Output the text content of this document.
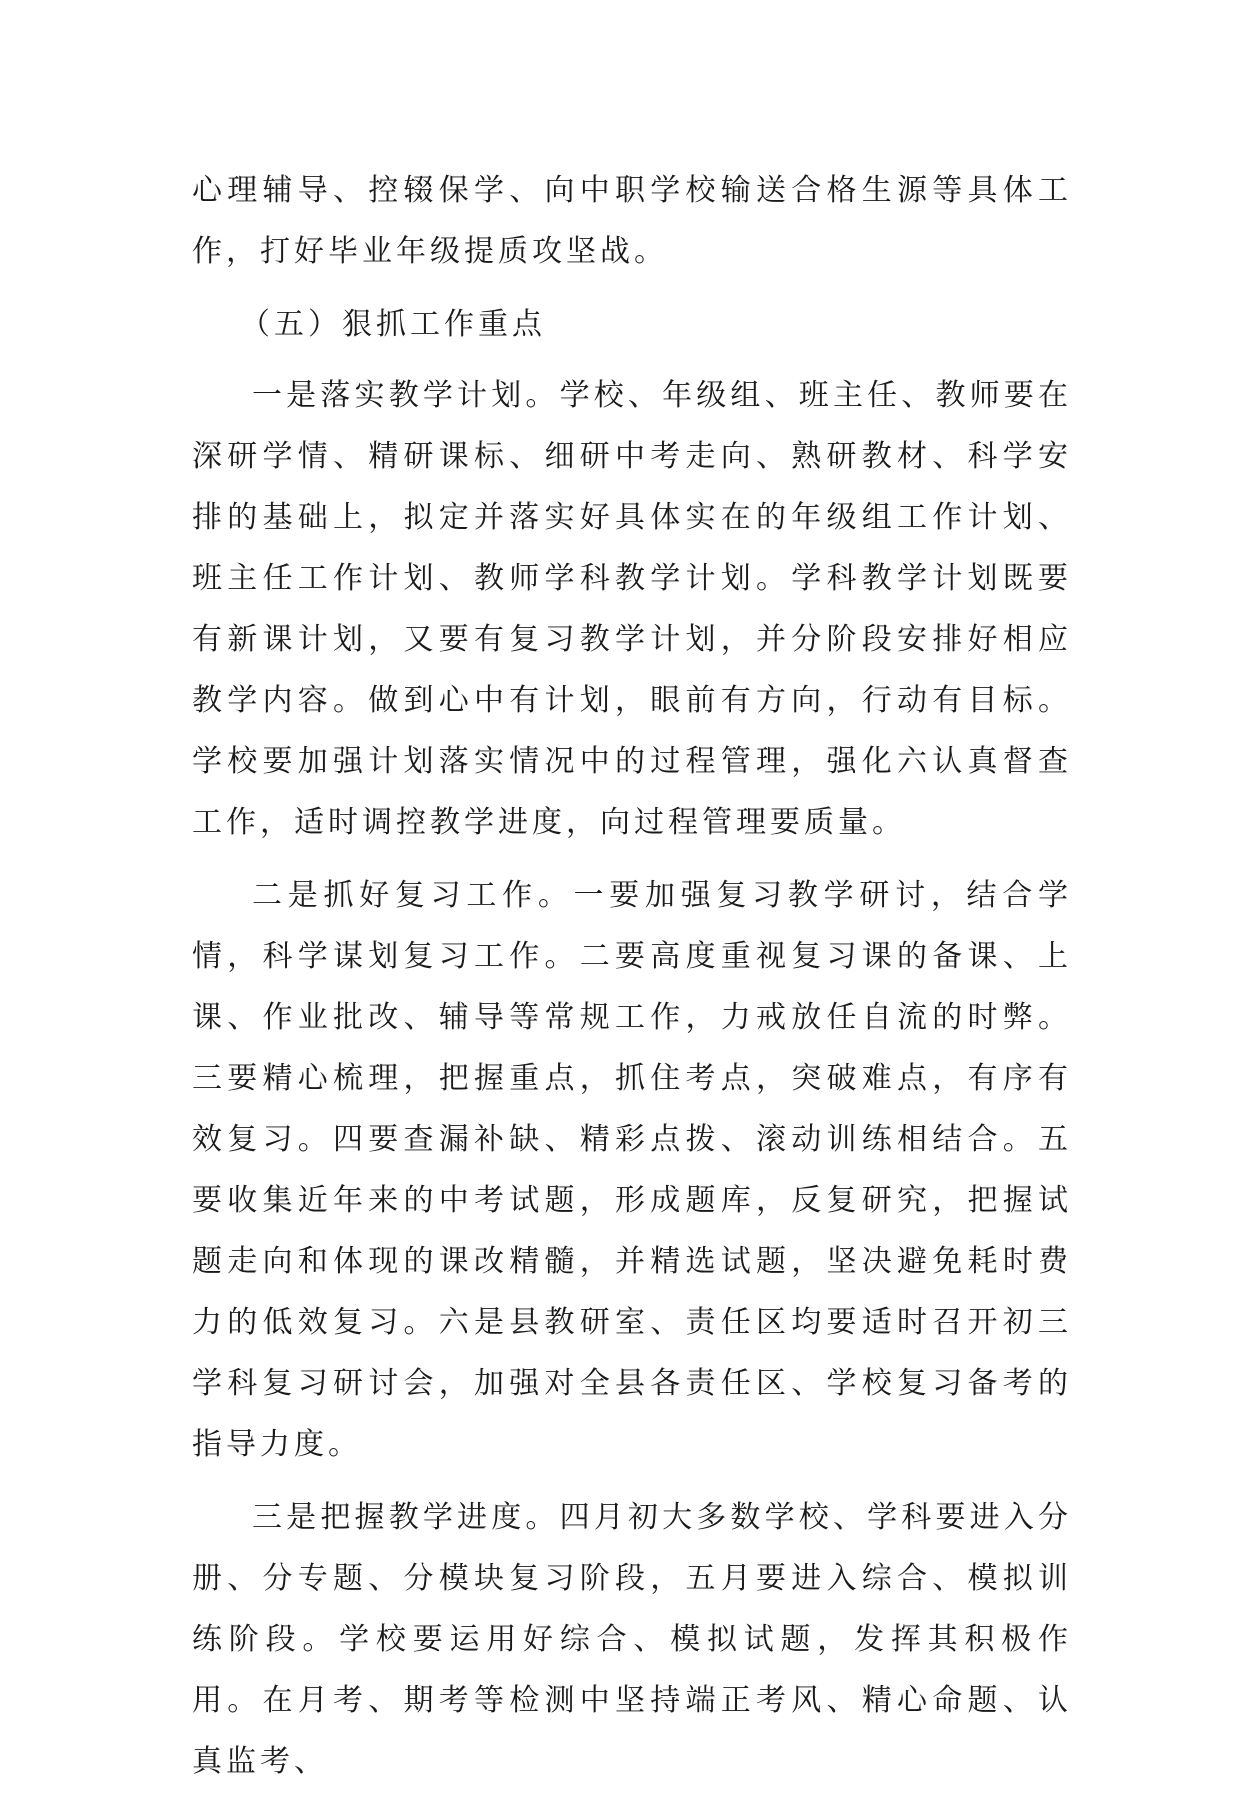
心理辅导、控辍保学、向中职学校输送合格生源等具体工作，打好毕业年级提质攻坚战。

（五）狠抓工作重点

一是落实教学计划。学校、年级组、班主任、教师要在深研学情、精研课标、细研中考走向、熟研教材、科学安排的基础上，拟定并落实好具体实在的年级组工作计划、班主任工作计划、教师学科教学计划。学科教学计划既要有新课计划，又要有复习教学计划，并分阶段安排好相应教学内容。做到心中有计划，眼前有方向，行动有目标。学校要加强计划落实情况中的过程管理，强化六认真督查工作，适时调控教学进度，向过程管理要质量。

二是抓好复习工作。一要加强复习教学研讨，结合学情，科学谋划复习工作。二要高度重视复习课的备课、上课、作业批改、辅导等常规工作，力戒放任自流的时弊。三要精心梳理，把握重点，抓住考点，突破难点，有序有效复习。四要查漏补缺、精彩点拨、滚动训练相结合。五要收集近年来的中考试题，形成题库，反复研究，把握试题走向和体现的课改精髓，并精选试题，坚决避免耗时费力的低效复习。六是县教研室、责任区均要适时召开初三学科复习研讨会，加强对全县各责任区、学校复习备考的指导力度。

三是把握教学进度。四月初大多数学校、学科要进入分册、分专题、分模块复习阶段，五月要进入综合、模拟训练阶段。学校要运用好综合、模拟试题，发挥其积极作用。在月考、期考等检测中坚持端正考风、精心命题、认真监考、
